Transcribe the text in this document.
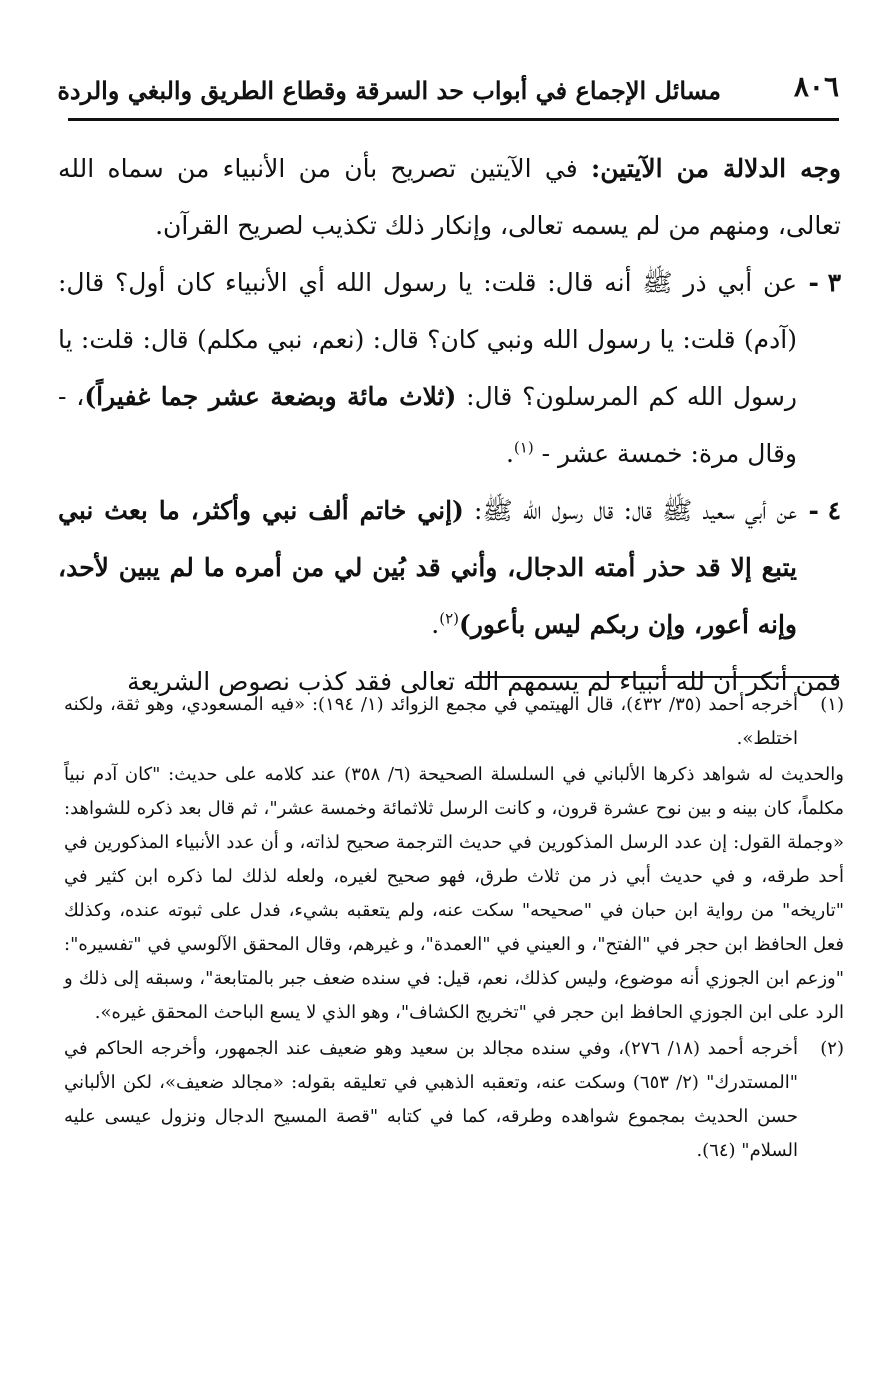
٨٠٦
مسائل الإجماع في أبواب حد السرقة وقطاع الطريق والبغي والردة

وجه الدلالة من الآيتين: في الآيتين تصريح بأن من الأنبياء من سماه الله تعالى، ومنهم من لم يسمه تعالى، وإنكار ذلك تكذيب لصريح القرآن.

٣ -
عن أبي ذر ﷺ أنه قال: قلت: يا رسول الله أي الأنبياء كان أول؟ قال: (آدم) قلت: يا رسول الله ونبي كان؟ قال: (نعم، نبي مكلم) قال: قلت: يا رسول الله كم المرسلون؟ قال: (ثلاث مائة وبضعة عشر جما غفيراً)، - وقال مرة: خمسة عشر - $^{(١)}$.

٤ -
عن أبي سعيد ﷺ قال: قال رسول الله ﷺ: (إني خاتم ألف نبي وأكثر، ما بعث نبي يتبع إلا قد حذر أمته الدجال، وأني قد بُين لي من أمره ما لم يبين لأحد، وإنه أعور، وإن ربكم ليس بأعور)$^{(٢)}$.

فمن أنكر أن لله أنبياء لم يسمهم الله تعالى فقد كذب نصوص الشريعة

(١)
أخرجه أحمد (٣٥/ ٤٣٢)، قال الهيتمي في مجمع الزوائد (١/ ١٩٤): «فيه المسعودي، وهو ثقة، ولكنه اختلط».

والحديث له شواهد ذكرها الألباني في السلسلة الصحيحة (٦/ ٣٥٨) عند كلامه على حديث: "كان آدم نبياً مكلماً، كان بينه و بين نوح عشرة قرون، و كانت الرسل ثلاثمائة وخمسة عشر"، ثم قال بعد ذكره للشواهد: «وجملة القول: إن عدد الرسل المذكورين في حديث الترجمة صحيح لذاته، و أن عدد الأنبياء المذكورين في أحد طرقه، و في حديث أبي ذر من ثلاث طرق، فهو صحيح لغيره، ولعله لذلك لما ذكره ابن كثير في "تاريخه" من رواية ابن حبان في "صحيحه" سكت عنه، ولم يتعقبه بشيء، فدل على ثبوته عنده، وكذلك فعل الحافظ ابن حجر في "الفتح"، و العيني في "العمدة"، و غيرهم، وقال المحقق الآلوسي في "تفسيره": "وزعم ابن الجوزي أنه موضوع، وليس كذلك، نعم، قيل: في سنده ضعف جبر بالمتابعة"، وسبقه إلى ذلك و الرد على ابن الجوزي الحافظ ابن حجر في "تخريج الكشاف"، وهو الذي لا يسع الباحث المحقق غيره».

(٢)
أخرجه أحمد (١٨/ ٢٧٦)، وفي سنده مجالد بن سعيد وهو ضعيف عند الجمهور، وأخرجه الحاكم في "المستدرك" (٢/ ٦٥٣) وسكت عنه، وتعقبه الذهبي في تعليقه بقوله: «مجالد ضعيف»، لكن الألباني حسن الحديث بمجموع شواهده وطرقه، كما في كتابه "قصة المسيح الدجال ونزول عيسى عليه السلام" (٦٤).
